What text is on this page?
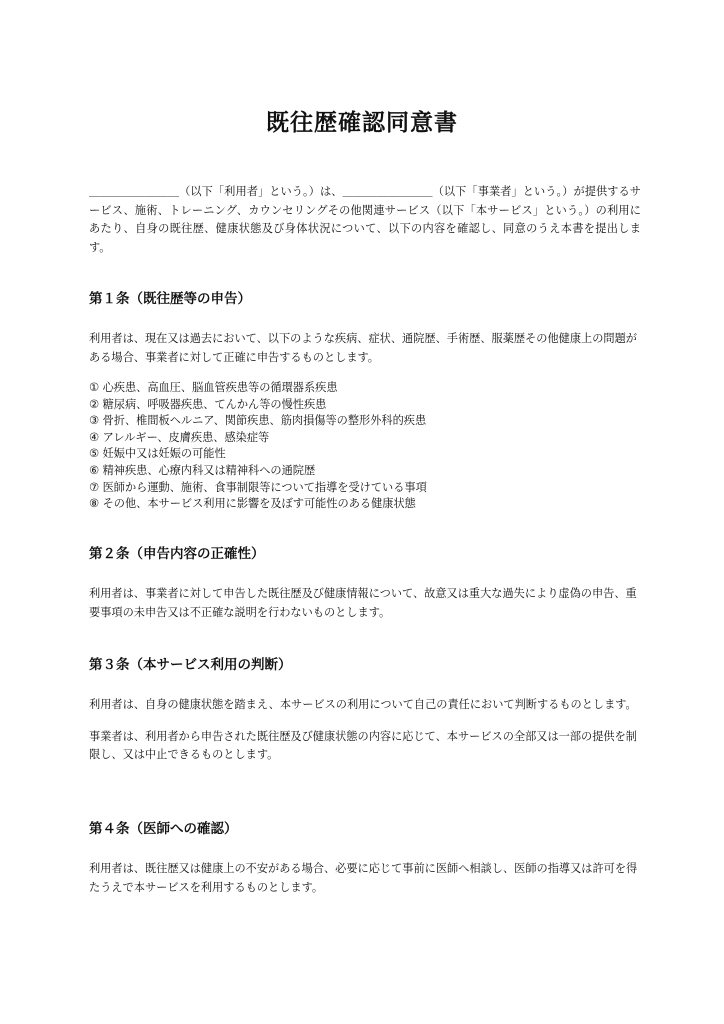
既往歴確認同意書

＿＿＿＿＿＿＿＿（以下「利用者」という。）は、＿＿＿＿＿＿＿＿（以下「事業者」という。）が提供するサービス、施術、トレーニング、カウンセリングその他関連サービス（以下「本サービス」という。）の利用にあたり、自身の既往歴、健康状態及び身体状況について、以下の内容を確認し、同意のうえ本書を提出します。

第１条（既往歴等の申告）

利用者は、現在又は過去において、以下のような疾病、症状、通院歴、手術歴、服薬歴その他健康上の問題がある場合、事業者に対して正確に申告するものとします。

① 心疾患、高血圧、脳血管疾患等の循環器系疾患
② 糖尿病、呼吸器疾患、てんかん等の慢性疾患
③ 骨折、椎間板ヘルニア、関節疾患、筋肉損傷等の整形外科的疾患
④ アレルギー、皮膚疾患、感染症等
⑤ 妊娠中又は妊娠の可能性
⑥ 精神疾患、心療内科又は精神科への通院歴
⑦ 医師から運動、施術、食事制限等について指導を受けている事項
⑧ その他、本サービス利用に影響を及ぼす可能性のある健康状態
第２条（申告内容の正確性）

利用者は、事業者に対して申告した既往歴及び健康情報について、故意又は重大な過失により虚偽の申告、重要事項の未申告又は不正確な説明を行わないものとします。

第３条（本サービス利用の判断）

利用者は、自身の健康状態を踏まえ、本サービスの利用について自己の責任において判断するものとします。

事業者は、利用者から申告された既往歴及び健康状態の内容に応じて、本サービスの全部又は一部の提供を制限し、又は中止できるものとします。

第４条（医師への確認）

利用者は、既往歴又は健康上の不安がある場合、必要に応じて事前に医師へ相談し、医師の指導又は許可を得たうえで本サービスを利用するものとします。
